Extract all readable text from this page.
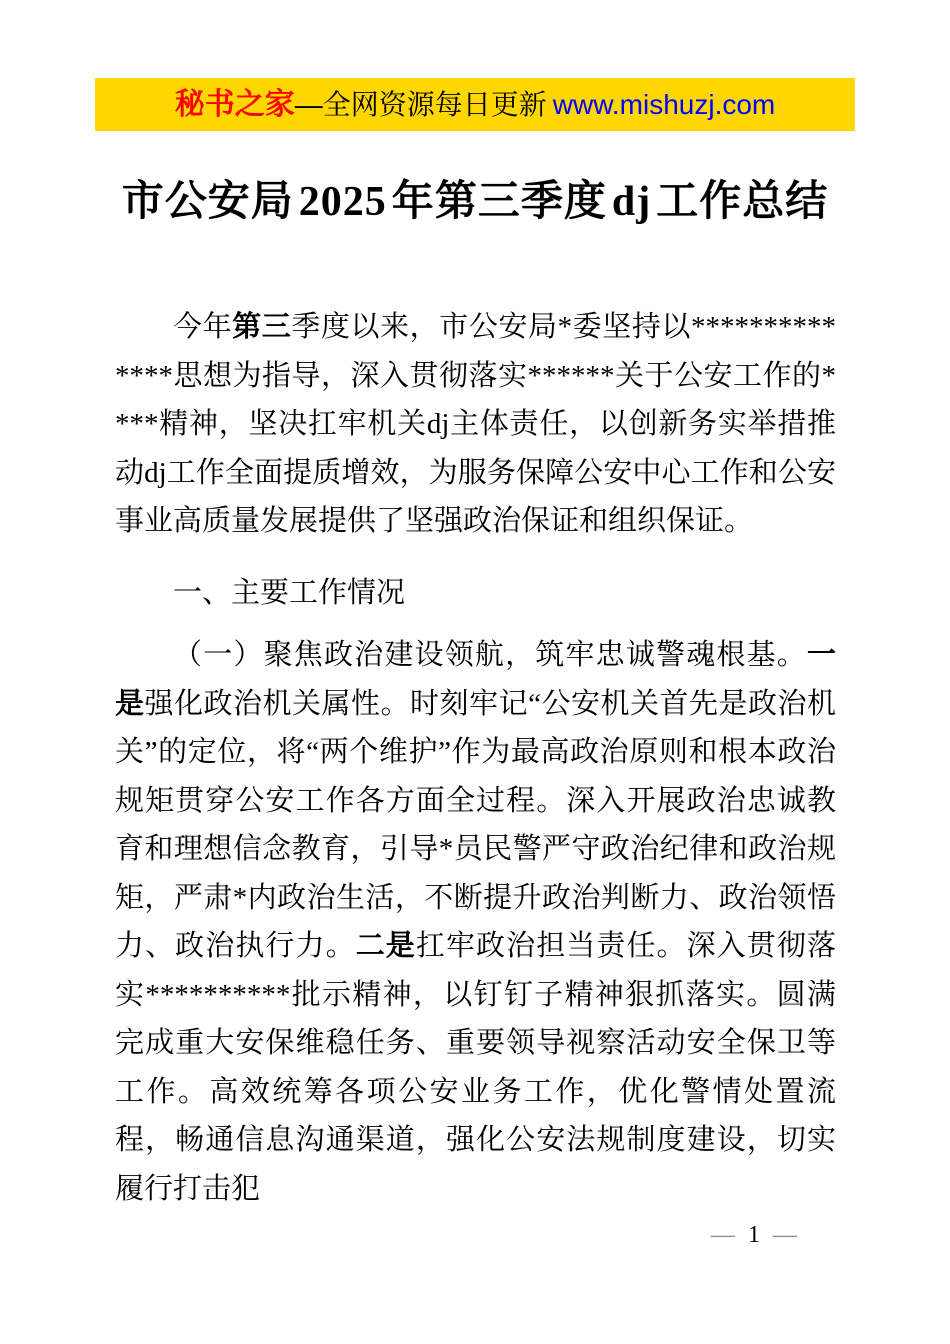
秘书之家 —全网资源每日更新 www.mishuzj.com
市公安局 2025 年第三季度 dj 工作总结

今年第三季度以来，市公安局*委坚持以**************思想为指导，深入贯彻落实******关于公安工作的****精神，坚决扛牢机关dj主体责任，以创新务实举措推动dj工作全面提质增效，为服务保障公安中心工作和公安事业高质量发展提供了坚强政治保证和组织保证。

一、主要工作情况

（一）聚焦政治建设领航，筑牢忠诚警魂根基。一是强化政治机关属性。时刻牢记“公安机关首先是政治机关”的定位，将“两个维护”作为最高政治原则和根本政治规矩贯穿公安工作各方面全过程。深入开展政治忠诚教育和理想信念教育，引导*员民警严守政治纪律和政治规矩，严肃*内政治生活，不断提升政治判断力、政治领悟力、政治执行力。二是扛牢政治担当责任。深入贯彻落实**********批示精神，以钉钉子精神狠抓落实。圆满完成重大安保维稳任务、重要领导视察活动安全保卫等工作。高效统筹各项公安业务工作，优化警情处置流程，畅通信息沟通渠道，强化公安法规制度建设，切实履行打击犯

— 1 —
